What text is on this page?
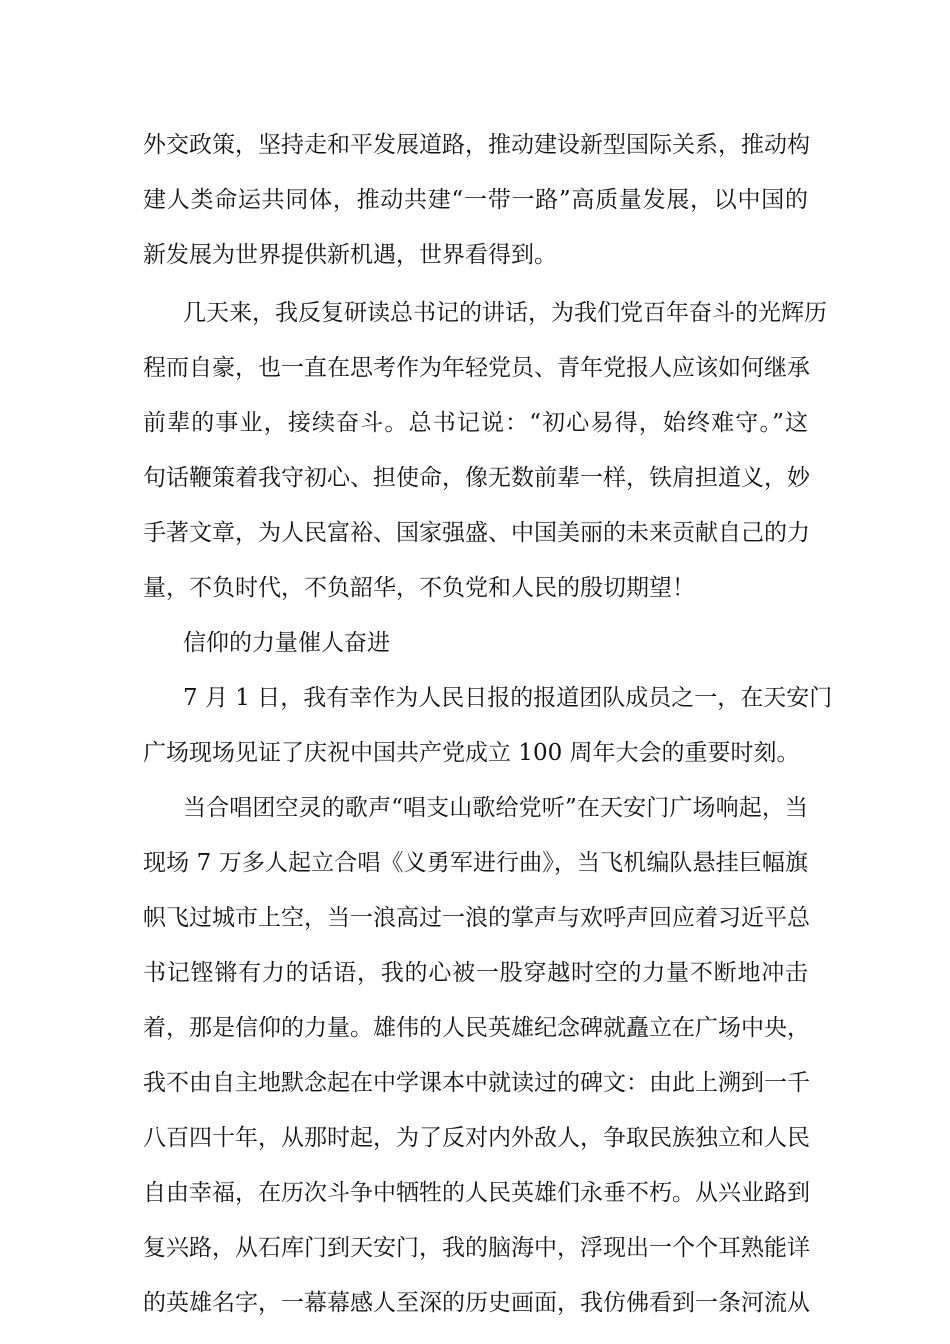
外交政策，坚持走和平发展道路，推动建设新型国际关系，推动构
建人类命运共同体，推动共建“一带一路”高质量发展，以中国的
新发展为世界提供新机遇，世界看得到。
几天来，我反复研读总书记的讲话，为我们党百年奋斗的光辉历
程而自豪，也一直在思考作为年轻党员、青年党报人应该如何继承
前辈的事业，接续奋斗。总书记说：“初心易得，始终难守。”这
句话鞭策着我守初心、担使命，像无数前辈一样，铁肩担道义，妙
手著文章，为人民富裕、国家强盛、中国美丽的未来贡献自己的力
量，不负时代，不负韶华，不负党和人民的殷切期望！
信仰的力量催人奋进
7 月 1 日，我有幸作为人民日报的报道团队成员之一，在天安门
广场现场见证了庆祝中国共产党成立 100 周年大会的重要时刻。
当合唱团空灵的歌声“唱支山歌给党听”在天安门广场响起，当
现场 7 万多人起立合唱《义勇军进行曲》，当飞机编队悬挂巨幅旗
帜飞过城市上空，当一浪高过一浪的掌声与欢呼声回应着习近平总
书记铿锵有力的话语，我的心被一股穿越时空的力量不断地冲击
着，那是信仰的力量。雄伟的人民英雄纪念碑就矗立在广场中央，
我不由自主地默念起在中学课本中就读过的碑文：由此上溯到一千
八百四十年，从那时起，为了反对内外敌人，争取民族独立和人民
自由幸福，在历次斗争中牺牲的人民英雄们永垂不朽。从兴业路到
复兴路，从石库门到天安门，我的脑海中，浮现出一个个耳熟能详
的英雄名字，一幕幕感人至深的历史画面，我仿佛看到一条河流从
